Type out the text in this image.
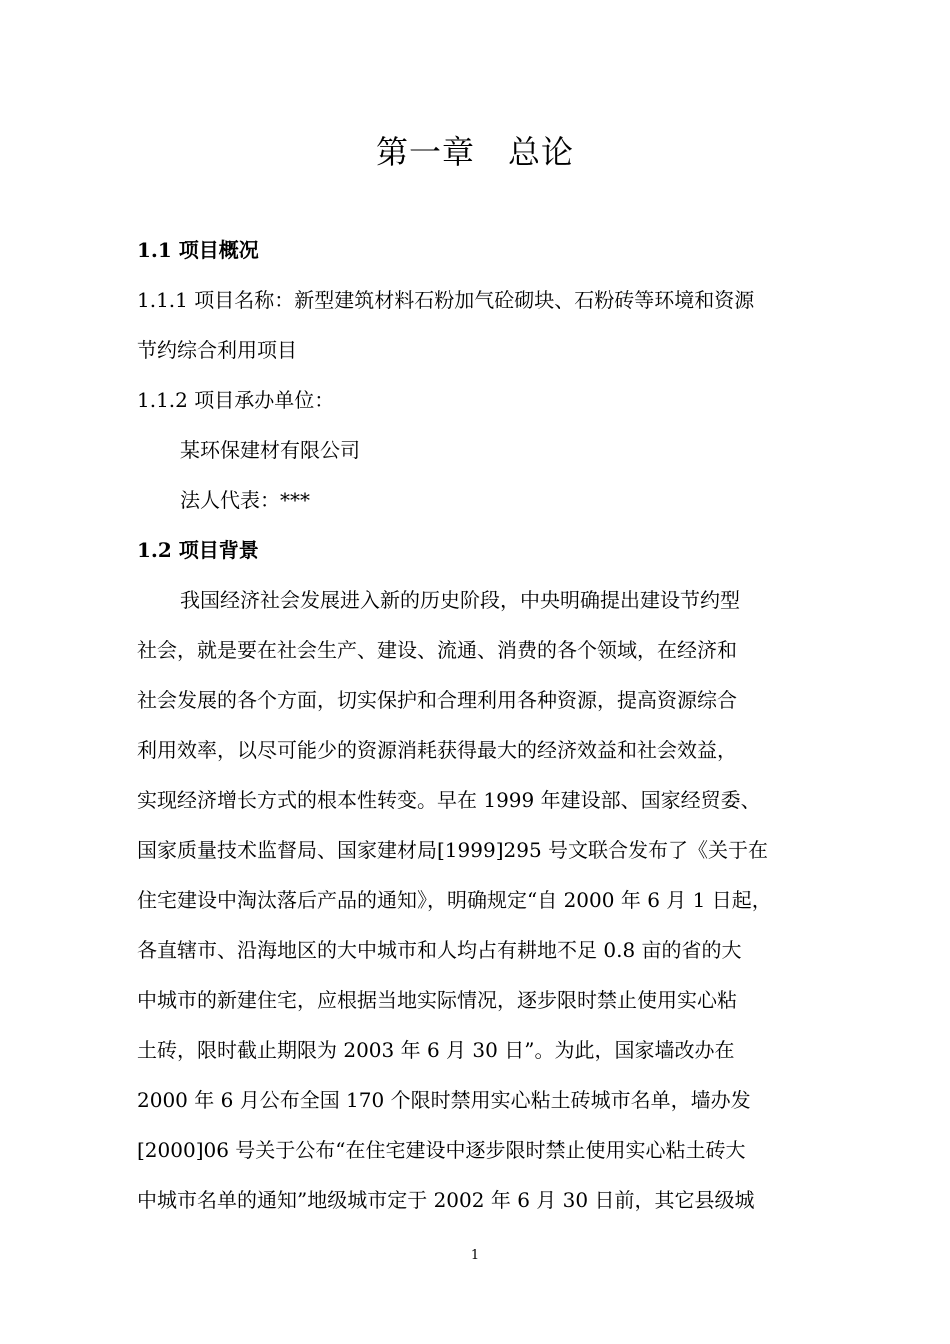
第一章　总论
1.1 项目概况
1.1.1 项目名称：新型建筑材料石粉加气砼砌块、石粉砖等环境和资源
节约综合利用项目
1.1.2 项目承办单位：
某环保建材有限公司
法人代表：***
1.2 项目背景
我国经济社会发展进入新的历史阶段，中央明确提出建设节约型
社会，就是要在社会生产、建设、流通、消费的各个领域，在经济和
社会发展的各个方面，切实保护和合理利用各种资源，提高资源综合
利用效率，以尽可能少的资源消耗获得最大的经济效益和社会效益，
实现经济增长方式的根本性转变。早在 1999 年建设部、国家经贸委、
国家质量技术监督局、国家建材局[1999]295 号文联合发布了《关于在
住宅建设中淘汰落后产品的通知》，明确规定“自 2000 年 6 月 1 日起，
各直辖市、沿海地区的大中城市和人均占有耕地不足 0.8 亩的省的大
中城市的新建住宅，应根据当地实际情况，逐步限时禁止使用实心粘
土砖，限时截止期限为 2003 年 6 月 30 日”。为此，国家墙改办在
2000 年 6 月公布全国 170 个限时禁用实心粘土砖城市名单，墙办发
[2000]06 号关于公布“在住宅建设中逐步限时禁止使用实心粘土砖大
中城市名单的通知”地级城市定于 2002 年 6 月 30 日前，其它县级城
1
